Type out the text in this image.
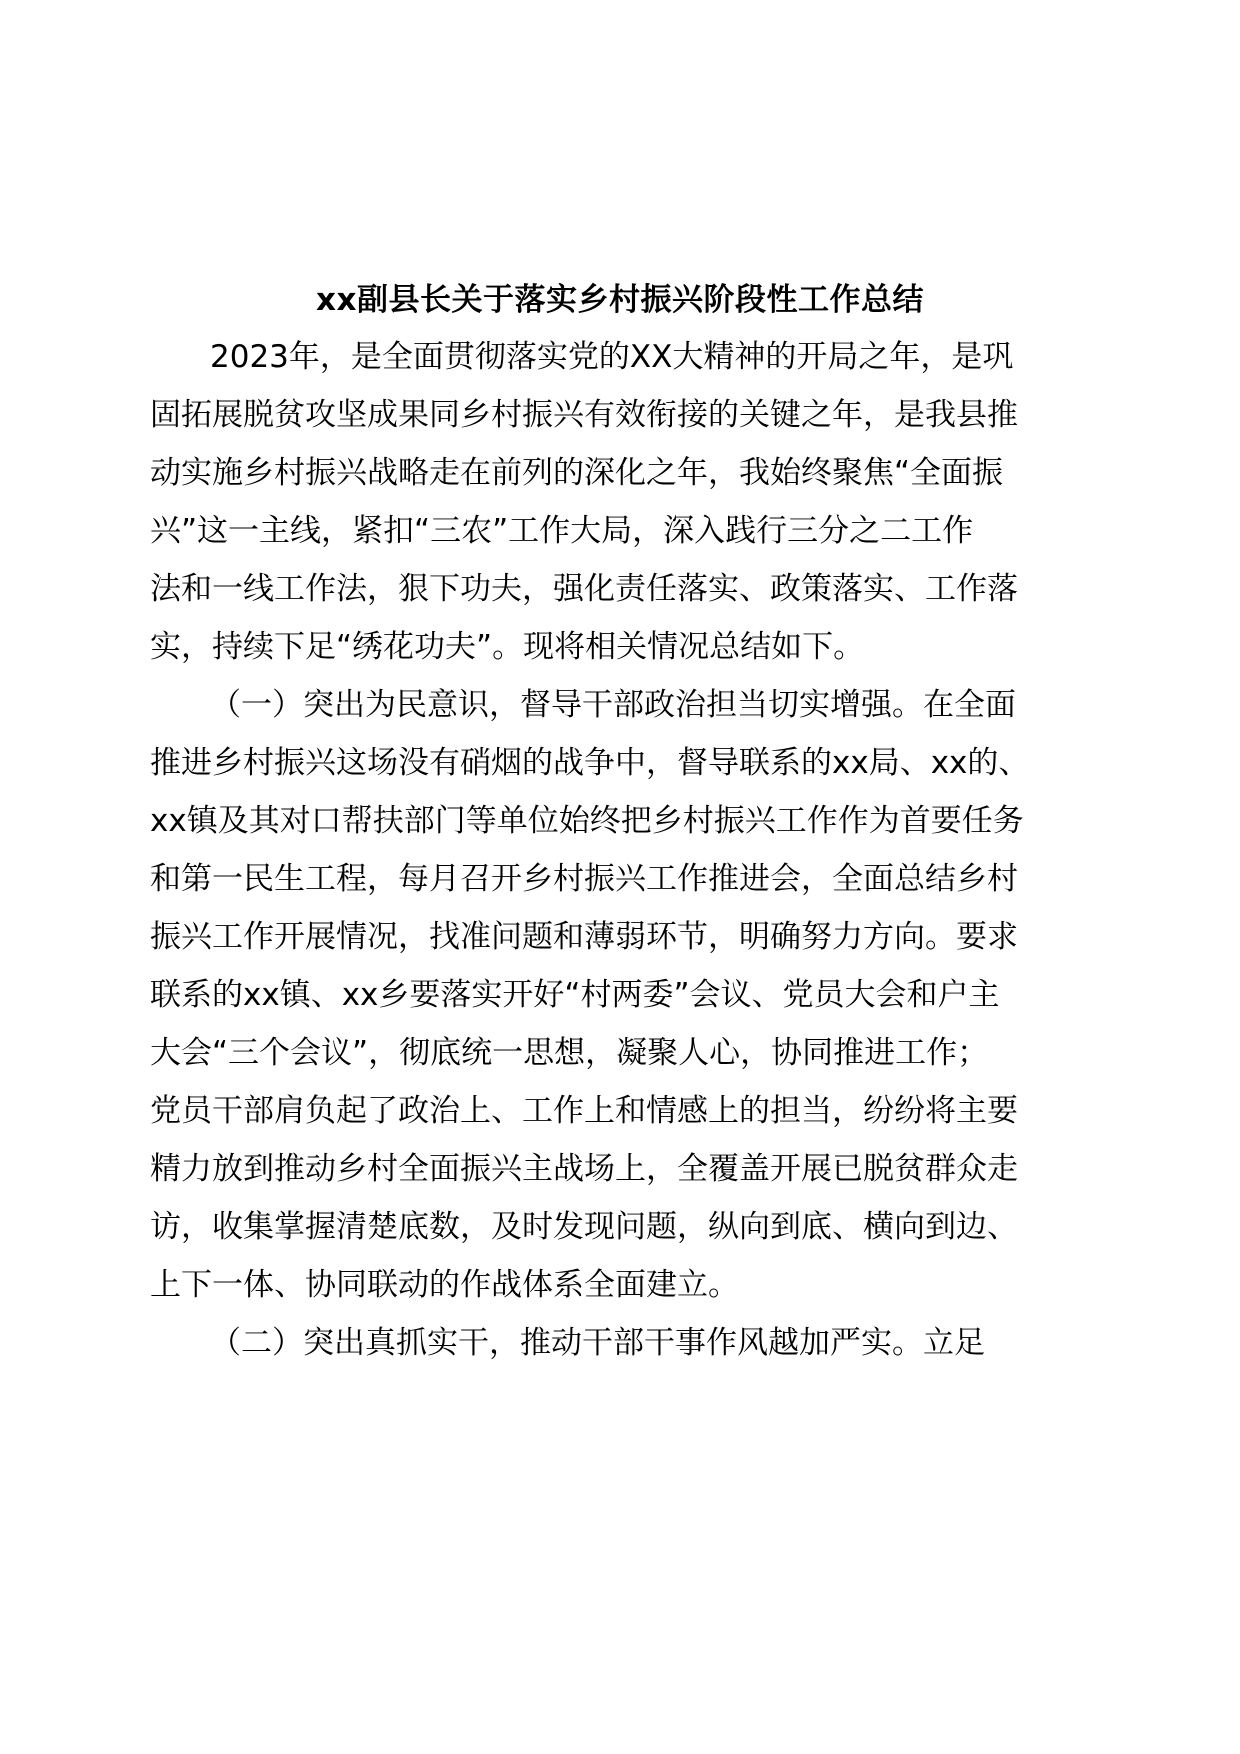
xx副县长关于落实乡村振兴阶段性工作总结
2023年，是全面贯彻落实党的XX大精神的开局之年，是巩
固拓展脱贫攻坚成果同乡村振兴有效衔接的关键之年，是我县推
动实施乡村振兴战略走在前列的深化之年，我始终聚焦“全面振
兴”这一主线，紧扣“三农”工作大局，深入践行三分之二工作
法和一线工作法，狠下功夫，强化责任落实、政策落实、工作落
实，持续下足“绣花功夫”。现将相关情况总结如下。
（一）突出为民意识，督导干部政治担当切实增强。在全面
推进乡村振兴这场没有硝烟的战争中，督导联系的xx局、xx的、
xx镇及其对口帮扶部门等单位始终把乡村振兴工作作为首要任务
和第一民生工程，每月召开乡村振兴工作推进会，全面总结乡村
振兴工作开展情况，找准问题和薄弱环节，明确努力方向。要求
联系的xx镇、xx乡要落实开好“村两委”会议、党员大会和户主
大会“三个会议”，彻底统一思想，凝聚人心，协同推进工作；
党员干部肩负起了政治上、工作上和情感上的担当，纷纷将主要
精力放到推动乡村全面振兴主战场上，全覆盖开展已脱贫群众走
访，收集掌握清楚底数，及时发现问题，纵向到底、横向到边、
上下一体、协同联动的作战体系全面建立。
（二）突出真抓实干，推动干部干事作风越加严实。立足
